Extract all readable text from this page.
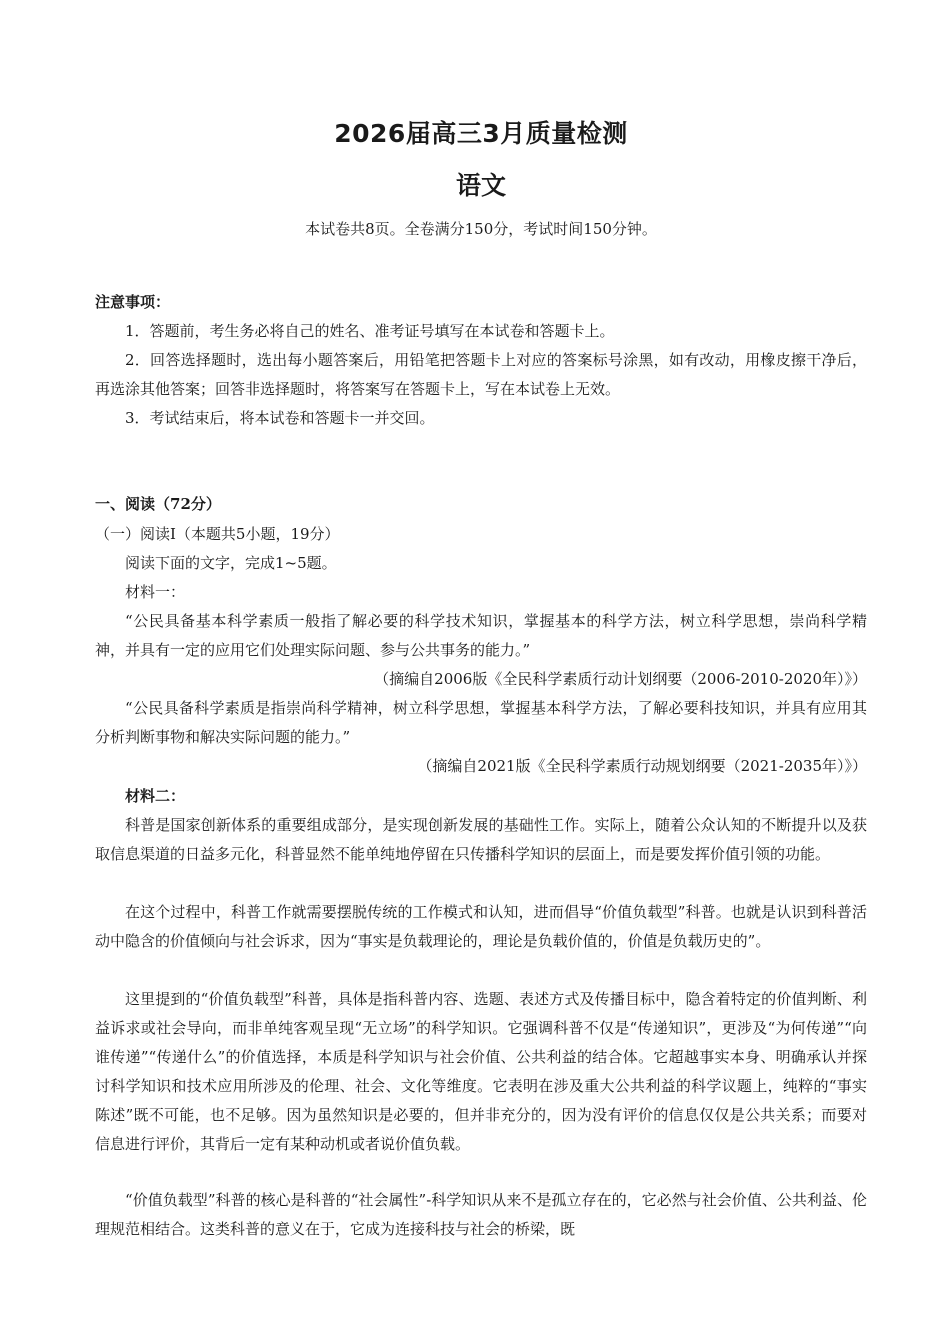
2026届高三3月质量检测
语文
本试卷共8页。全卷满分150分，考试时间150分钟。

注意事项：

1．答题前，考生务必将自己的姓名、准考证号填写在本试卷和答题卡上。

2．回答选择题时，选出每小题答案后，用铅笔把答题卡上对应的答案标号涂黑，如有改动，用橡皮擦干净后，再选涂其他答案；回答非选择题时，将答案写在答题卡上，写在本试卷上无效。

3．考试结束后，将本试卷和答题卡一并交回。

一、阅读（72分）

（一）阅读Ⅰ（本题共5小题，19分）

阅读下面的文字，完成1~5题。

材料一：

“公民具备基本科学素质一般指了解必要的科学技术知识，掌握基本的科学方法，树立科学思想，崇尚科学精神，并具有一定的应用它们处理实际问题、参与公共事务的能力。”

（摘编自2006版《全民科学素质行动计划纲要（2006-2010-2020年）》）

“公民具备科学素质是指崇尚科学精神，树立科学思想，掌握基本科学方法，了解必要科技知识，并具有应用其分析判断事物和解决实际问题的能力。”

（摘编自2021版《全民科学素质行动规划纲要（2021-2035年）》）

材料二：

科普是国家创新体系的重要组成部分，是实现创新发展的基础性工作。实际上，随着公众认知的不断提升以及获取信息渠道的日益多元化，科普显然不能单纯地停留在只传播科学知识的层面上，而是要发挥价值引领的功能。

在这个过程中，科普工作就需要摆脱传统的工作模式和认知，进而倡导“价值负载型”科普。也就是认识到科普活动中隐含的价值倾向与社会诉求，因为“事实是负载理论的，理论是负载价值的，价值是负载历史的”。

这里提到的“价值负载型”科普，具体是指科普内容、选题、表述方式及传播目标中，隐含着特定的价值判断、利益诉求或社会导向，而非单纯客观呈现“无立场”的科学知识。它强调科普不仅是“传递知识”，更涉及“为何传递”“向谁传递”“传递什么”的价值选择，本质是科学知识与社会价值、公共利益的结合体。它超越事实本身、明确承认并探讨科学知识和技术应用所涉及的伦理、社会、文化等维度。它表明在涉及重大公共利益的科学议题上，纯粹的“事实陈述”既不可能，也不足够。因为虽然知识是必要的，但并非充分的，因为没有评价的信息仅仅是公共关系；而要对信息进行评价，其背后一定有某种动机或者说价值负载。

“价值负载型”科普的核心是科普的“社会属性”-科学知识从来不是孤立存在的，它必然与社会价值、公共利益、伦理规范相结合。这类科普的意义在于，它成为连接科技与社会的桥梁，既
